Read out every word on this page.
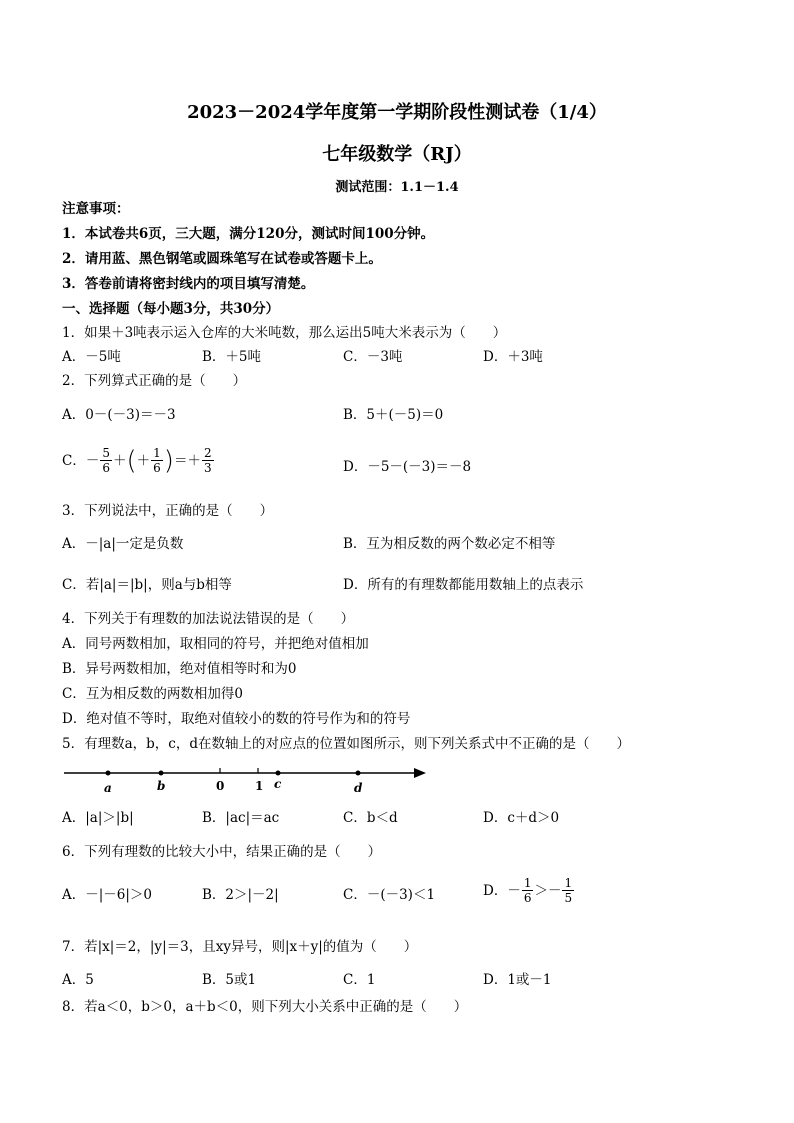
2023－2024学年度第一学期阶段性测试卷（1/4）
七年级数学（RJ）
测试范围：1.1－1.4
注意事项：
1．本试卷共6页，三大题，满分120分，测试时间100分钟。
2．请用蓝、黑色钢笔或圆珠笔写在试卷或答题卡上。
3．答卷前请将密封线内的项目填写清楚。
一、选择题（每小题3分，共30分）
1．如果＋3吨表示运入仓库的大米吨数，那么运出5吨大米表示为（　　）
A．－5吨	B．＋5吨	C．－3吨	D．＋3吨
2．下列算式正确的是（　　）
A．0－(－3)＝－3	B．5＋(－5)＝0
C．－ $\frac{5}{6}$ ＋ ( ＋ $\frac{1}{6}$ ) ＝＋ $\frac{2}{3}$	D．－5－(－3)＝－8
3．下列说法中，正确的是（　　）
A．－|a|一定是负数	B．互为相反数的两个数必定不相等
C．若|a|＝|b|，则a与b相等	D．所有的有理数都能用数轴上的点表示
4．下列关于有理数的加法说法错误的是（　　）
A．同号两数相加，取相同的符号，并把绝对值相加
B．异号两数相加，绝对值相等时和为0
C．互为相反数的两数相加得0
D．绝对值不等时，取绝对值较小的数的符号作为和的符号
5．有理数a，b，c，d在数轴上的对应点的位置如图所示，则下列关系式中不正确的是（　　）
a	b	0	1 c	d
A．|a|＞|b|	B．|ac|＝ac	C．b＜d	D．c＋d＞0
6．下列有理数的比较大小中，结果正确的是（　　）
A．－|－6|＞0	B．2＞|－2|	C．－(－3)＜1	D．－ $\frac{1}{6} >- \frac{1}{5}$
7．若|x|＝2，|y|＝3，且xy异号，则|x＋y|的值为（　　）
A．5	B．5或1	C．1	D．1或－1
8．若a＜0，b＞0，a＋b＜0，则下列大小关系中正确的是（　　）
